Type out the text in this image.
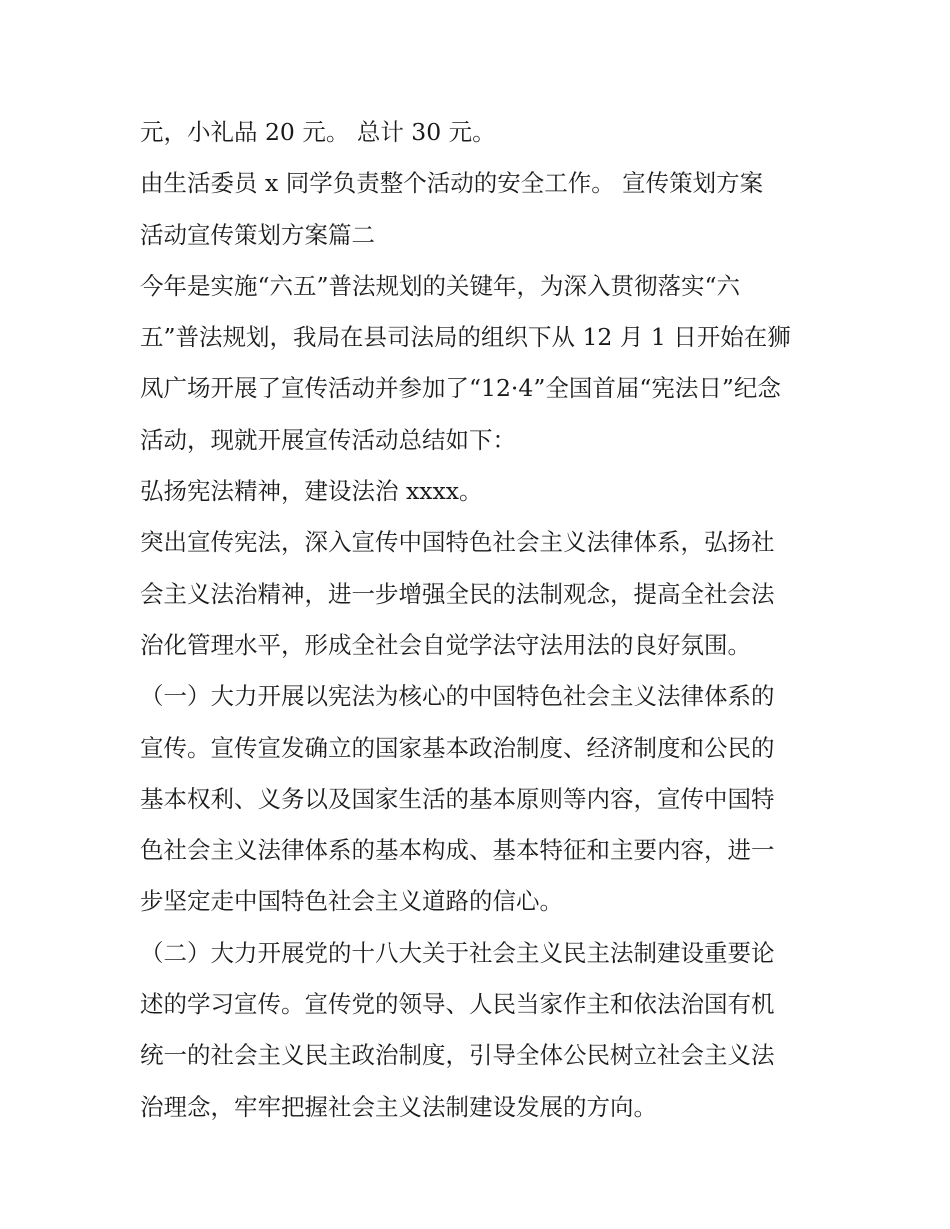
元，小礼品 20 元。 总计 30 元。
由生活委员 x 同学负责整个活动的安全工作。 宣传策划方案
活动宣传策划方案篇二
今年是实施“六五”普法规划的关键年，为深入贯彻落实“六
五”普法规划，我局在县司法局的组织下从 12 月 1 日开始在狮
凤广场开展了宣传活动并参加了“12·4”全国首届“宪法日”纪念
活动，现就开展宣传活动总结如下：
弘扬宪法精神，建设法治 xxxx。
突出宣传宪法，深入宣传中国特色社会主义法律体系，弘扬社
会主义法治精神，进一步增强全民的法制观念，提高全社会法
治化管理水平，形成全社会自觉学法守法用法的良好氛围。
（一）大力开展以宪法为核心的中国特色社会主义法律体系的
宣传。宣传宣发确立的国家基本政治制度、经济制度和公民的
基本权利、义务以及国家生活的基本原则等内容，宣传中国特
色社会主义法律体系的基本构成、基本特征和主要内容，进一
步坚定走中国特色社会主义道路的信心。
（二）大力开展党的十八大关于社会主义民主法制建设重要论
述的学习宣传。宣传党的领导、人民当家作主和依法治国有机
统一的社会主义民主政治制度，引导全体公民树立社会主义法
治理念，牢牢把握社会主义法制建设发展的方向。
